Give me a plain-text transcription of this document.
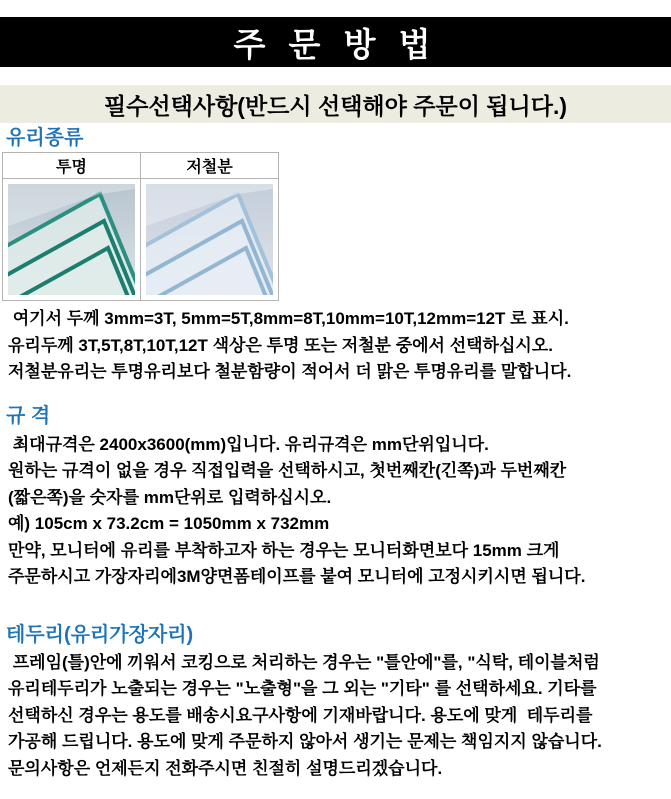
주 문 방 법
필수선택사항(반드시 선택해야 주문이 됩니다.)
유리종류
투명	저철분

여기서 두께 3mm=3T, 5mm=5T,8mm=8T,10mm=10T,12mm=12T 로 표시.
유리두께 3T,5T,8T,10T,12T 색상은 투명 또는 저철분 중에서 선택하십시오.
저철분유리는 투명유리보다 철분함량이 적어서 더 맑은 투명유리를 말합니다.
규 격
최대규격은 2400x3600(mm)입니다. 유리규격은 mm단위입니다.
원하는 규격이 없을 경우 직접입력을 선택하시고, 첫번째칸(긴쪽)과 두번째칸
(짧은쪽)을 숫자를 mm단위로 입력하십시오.
예) 105cm x 73.2cm = 1050mm x 732mm
만약, 모니터에 유리를 부착하고자 하는 경우는 모니터화면보다 15mm 크게
주문하시고 가장자리에3M양면폼테이프를 붙여 모니터에 고정시키시면 됩니다.
테두리(유리가장자리)
프레임(틀)안에 끼워서 코킹으로 처리하는 경우는 "틀안에"를, "식탁, 테이블처럼
유리테두리가 노출되는 경우는 "노출형"을 그 외는 "기타" 를 선택하세요. 기타를
선택하신 경우는 용도를 배송시요구사항에 기재바랍니다. 용도에 맞게  테두리를
가공해 드립니다. 용도에 맞게 주문하지 않아서 생기는 문제는 책임지지 않습니다.
문의사항은 언제든지 전화주시면 친절히 설명드리겠습니다.
